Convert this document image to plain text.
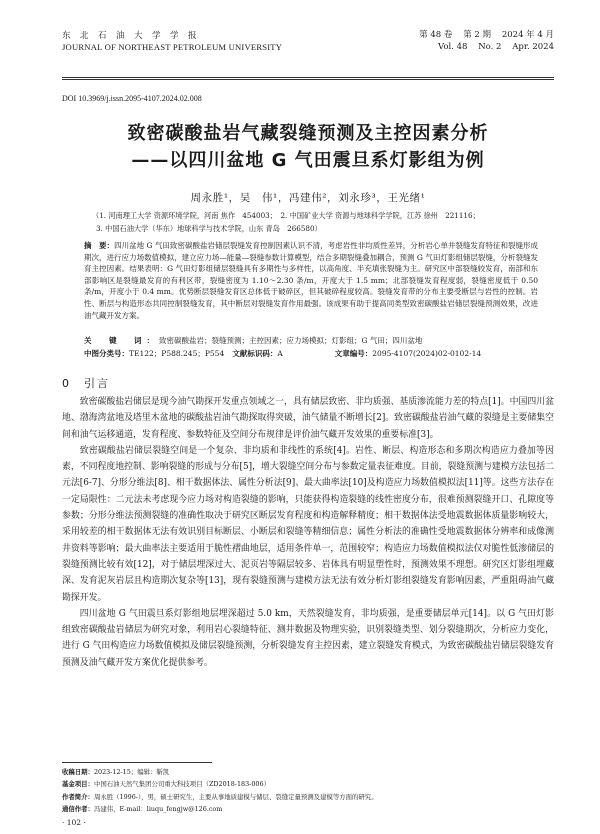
东北石油大学学报
JOURNAL OF NORTHEAST PETROLEUM UNIVERSITY
第 48 卷 第 2 期 2024 年 4 月
Vol. 48 No. 2 Apr. 2024
DOI 10.3969/j.issn.2095-4107.2024.02.008
致密碳酸盐岩气藏裂缝预测及主控因素分析
——以四川盆地 G 气田震旦系灯影组为例
周永胜¹，吴　伟¹，冯建伟²，刘永珍³，王光绪¹
（1. 河南理工大学 资源环境学院，河南 焦作　454003；　2. 中国矿业大学 资源与地球科学学院，江苏 徐州　221116；
3. 中国石油大学（华东）地球科学与技术学院，山东 青岛　266580）
摘　要：四川盆地 G 气田致密碳酸盐岩储层裂缝发育控制因素认识不清，考虑岩性非均质性差异，分析岩心单井裂缝发育特征和裂缝形成期次，进行应力场数值模拟，建立应力场—能量—裂缝参数计算模型，结合多期裂缝叠加耦合，预测 G 气田灯影组储层裂缝，分析裂缝发育主控因素。结果表明：G 气田灯影组储层裂缝具有多期性与多样性，以高角度、半充填张裂缝为主。研究区中部裂缝较发育，南部和东部影响区是裂缝最发育的有利区带，裂缝密度为 1.10～2.30 条/m，开度大于 1.5 mm；北部裂缝发育程度弱，裂缝密度低于 0.50 条/m，开度小于 0.4 mm。优势断层裂缝发育区总体低于破碎区，但其破碎程度较高。裂缝发育带的分布主要受断层与岩性的控制。岩性、断层与构造形态共同控制裂缝发育，其中断层对裂缝发育作用最强。该成果有助于提高同类型致密碳酸盐岩储层裂缝预测效果，改进油气藏开发方案。
关　键　词：致密碳酸盐岩；裂缝预测；主控因素；应力场模拟；灯影组；G 气田；四川盆地
中图分类号：TE122；P588.245；P554 文献标识码：A	文章编号：2095-4107(2024)02-0102-14
0　引言

致密碳酸盐岩储层是现今油气勘探开发重点领域之一，具有储层致密、非均质强、基质渗流能力差的特点[1]。中国四川盆地、渤海湾盆地及塔里木盆地的碳酸盐岩油气勘探取得突破，油气储量不断增长[2]。致密碳酸盐岩油气藏的裂缝是主要储集空间和油气运移通道，发育程度、参数特征及空间分布规律是评价油气藏开发效果的重要标准[3]。

致密碳酸盐岩储层裂缝空间是一个复杂、非均质和非线性的系统[4]。岩性、断层、构造形态和多期次构造应力叠加等因素，不同程度地控制、影响裂缝的形成与分布[5]，增大裂缝空间分布与参数定量表征难度。目前，裂缝预测与建模方法包括二元法[6-7]、分形分维法[8]、相干数据体法、属性分析法[9]、最大曲率法[10]及构造应力场数值模拟法[11]等。这些方法存在一定局限性：二元法未考虑现今应力场对构造裂缝的影响，只能获得构造裂缝的线性密度分布，很难预测裂缝开口、孔隙度等参数；分形分维法预测裂缝的准确性取决于研究区断层发育程度和构造解释精度；相干数据体法受地震数据体质量影响较大，采用较差的相干数据体无法有效识别目标断层、小断层和裂缝等精细信息；属性分析法的准确性受地震数据体分辨率和成像测井资料等影响；最大曲率法主要适用于脆性褶曲地层，适用条件单一，范围较窄；构造应力场数值模拟法仅对脆性低渗储层的裂缝预测比较有效[12]，对于储层埋深过大、泥页岩等隔层较多、岩体具有明显塑性时，预测效果不理想。研究区灯影组埋藏深、发育泥灰岩层且构造期次复杂等[13]，现有裂缝预测与建模方法无法有效分析灯影组裂缝发育影响因素，严重阻碍油气藏勘探开发。

四川盆地 G 气田震旦系灯影组地层埋深超过 5.0 km，天然裂缝发育，非均质强，是重要储层单元[14]。以 G 气田灯影组致密碳酸盐岩储层为研究对象，利用岩心裂缝特征、测井数据及物理实验，识别裂缝类型、划分裂缝期次，分析应力变化，进行 G 气田构造应力场数值模拟及储层裂缝预测，分析裂缝发育主控因素，建立裂缝发育模式，为致密碳酸盐岩储层裂缝发育预测及油气藏开发方案优化提供参考。

收稿日期：2023-12-15；编辑：靳凯
基金项目：中国石油天然气集团公司重大科技项目（ZD2018-183-006）
作者简介：周永胜（1996-），男，硕士研究生，主要从事地质建模与储层、裂缝定量预测及建模等方面的研究。
通信作者：冯建伟，E-mail：liuqu_fengjw@126.com
· 102 ·
